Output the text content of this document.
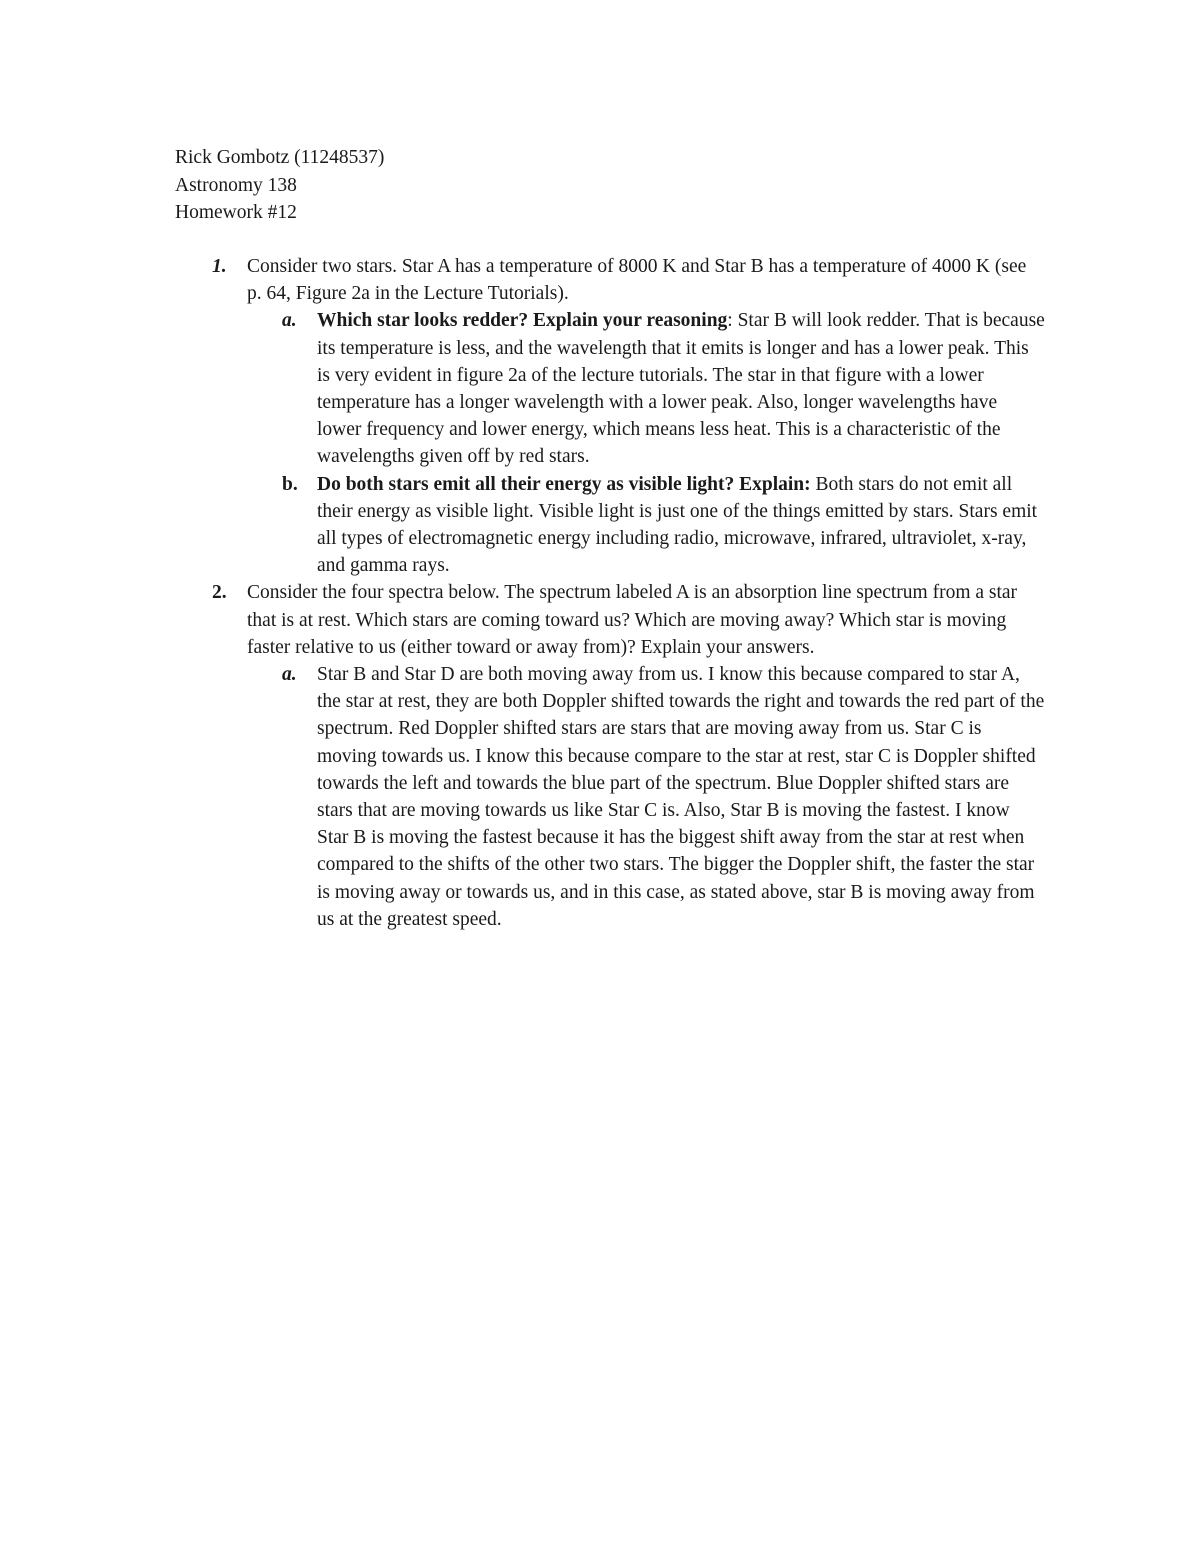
Rick Gombotz (11248537)
Astronomy 138
Homework #12
1. Consider two stars. Star A has a temperature of 8000 K and Star B has a temperature of 4000 K (see p. 64, Figure 2a in the Lecture Tutorials).
a. Which star looks redder? Explain your reasoning: Star B will look redder. That is because its temperature is less, and the wavelength that it emits is longer and has a lower peak. This is very evident in figure 2a of the lecture tutorials. The star in that figure with a lower temperature has a longer wavelength with a lower peak. Also, longer wavelengths have lower frequency and lower energy, which means less heat. This is a characteristic of the wavelengths given off by red stars.
b. Do both stars emit all their energy as visible light? Explain: Both stars do not emit all their energy as visible light. Visible light is just one of the things emitted by stars. Stars emit all types of electromagnetic energy including radio, microwave, infrared, ultraviolet, x-ray, and gamma rays.
2. Consider the four spectra below. The spectrum labeled A is an absorption line spectrum from a star that is at rest. Which stars are coming toward us? Which are moving away? Which star is moving faster relative to us (either toward or away from)? Explain your answers.
a. Star B and Star D are both moving away from us. I know this because compared to star A, the star at rest, they are both Doppler shifted towards the right and towards the red part of the spectrum. Red Doppler shifted stars are stars that are moving away from us. Star C is moving towards us. I know this because compare to the star at rest, star C is Doppler shifted towards the left and towards the blue part of the spectrum. Blue Doppler shifted stars are stars that are moving towards us like Star C is. Also, Star B is moving the fastest. I know Star B is moving the fastest because it has the biggest shift away from the star at rest when compared to the shifts of the other two stars. The bigger the Doppler shift, the faster the star is moving away or towards us, and in this case, as stated above, star B is moving away from us at the greatest speed.
